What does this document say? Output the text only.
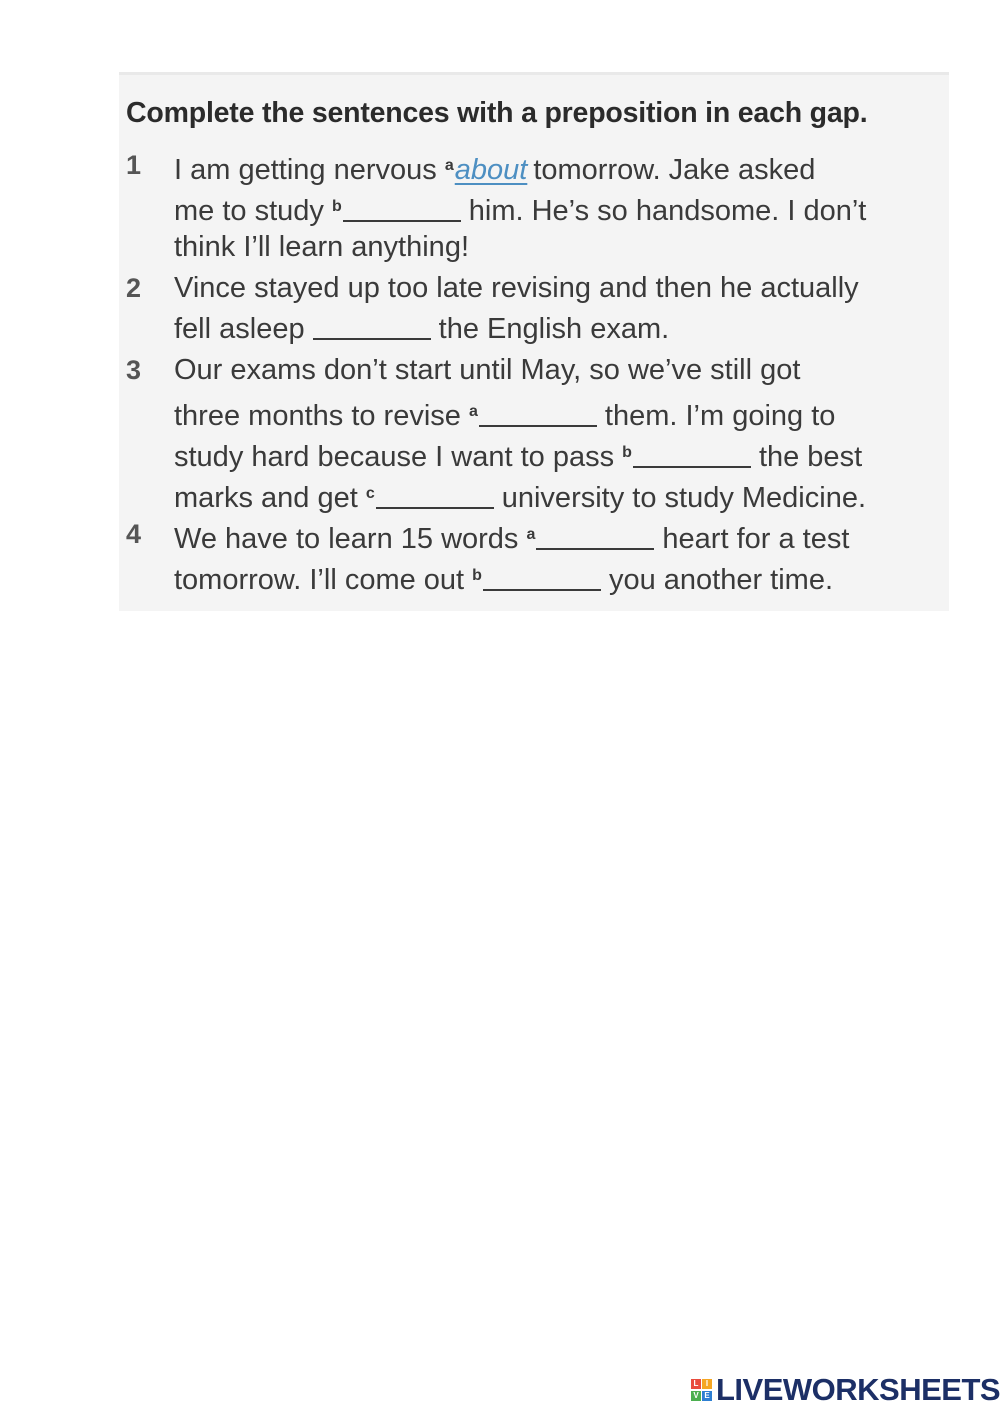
Complete the sentences with a preposition in each gap.
1 I am getting nervous $^a$about tomorrow. Jake asked
me to study $^b$	him. He’s so handsome. I don’t
think I’ll learn anything!
2 Vince stayed up too late revising and then he actually
fell asleep	the English exam.
3 Our exams don’t start until May, so we’ve still got
three months to revise $^a$	them. I’m going to
study hard because I want to pass $^b$	the best
marks and get $^c$	university to study Medicine.
4 We have to learn 15 words $^a$	heart for a test
tomorrow. I’ll come out $^b$	you another time.
L I
V E LIVEWORKSHEETS
